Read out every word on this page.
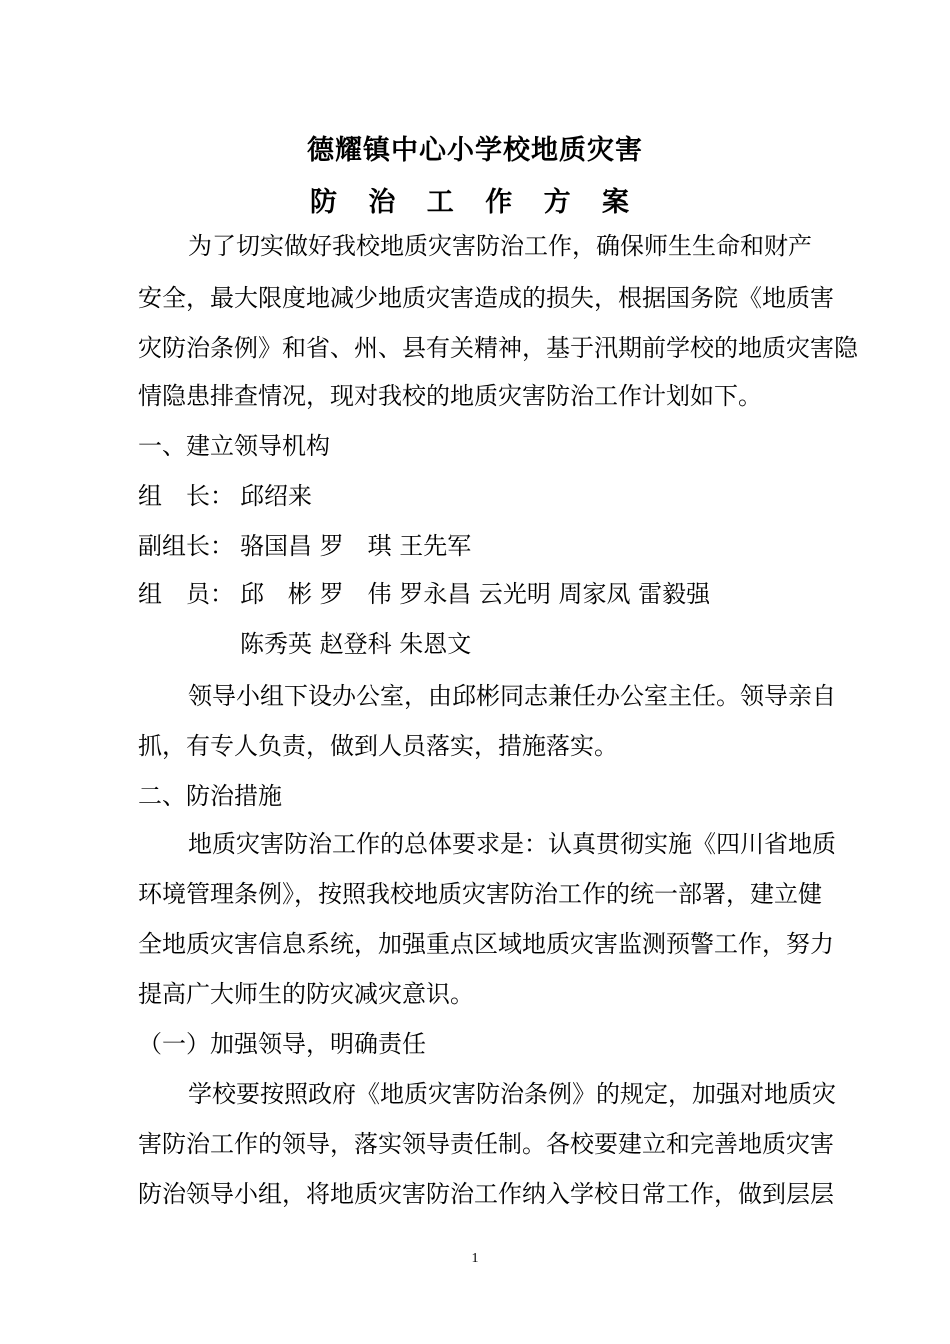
德耀镇中心小学校地质灾害
防 治 工 作 方 案
为了切实做好我校地质灾害防治工作，确保师生生命和财产
安全，最大限度地减少地质灾害造成的损失，根据国务院《地质害
灾防治条例》和省、州、县有关精神，基于汛期前学校的地质灾害隐
情隐患排查情况，现对我校的地质灾害防治工作计划如下。
一、建立领导机构
组　长： 邱绍来
副组长： 骆国昌 罗　琪 王先军
组　员： 邱　彬 罗　伟 罗永昌 云光明 周家凤 雷毅强
陈秀英 赵登科 朱恩文
领导小组下设办公室，由邱彬同志兼任办公室主任。领导亲自
抓，有专人负责，做到人员落实，措施落实。
二、防治措施
地质灾害防治工作的总体要求是：认真贯彻实施《四川省地质
环境管理条例》，按照我校地质灾害防治工作的统一部署，建立健
全地质灾害信息系统，加强重点区域地质灾害监测预警工作，努力
提高广大师生的防灾减灾意识。
（一）加强领导，明确责任
学校要按照政府《地质灾害防治条例》的规定，加强对地质灾
害防治工作的领导，落实领导责任制。各校要建立和完善地质灾害
防治领导小组，将地质灾害防治工作纳入学校日常工作，做到层层
1
